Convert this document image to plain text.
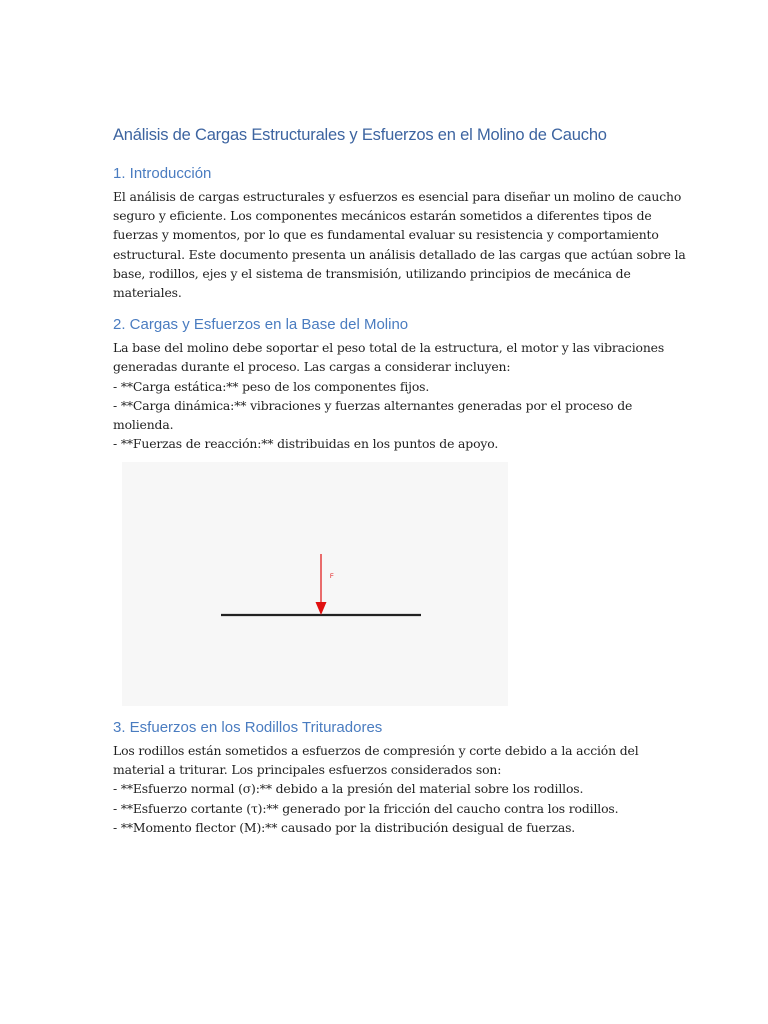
Análisis de Cargas Estructurales y Esfuerzos en el Molino de Caucho
1. Introducción

El análisis de cargas estructurales y esfuerzos es esencial para diseñar un molino de caucho
seguro y eficiente. Los componentes mecánicos estarán sometidos a diferentes tipos de
fuerzas y momentos, por lo que es fundamental evaluar su resistencia y comportamiento
estructural. Este documento presenta un análisis detallado de las cargas que actúan sobre la
base, rodillos, ejes y el sistema de transmisión, utilizando principios de mecánica de
materiales.

2. Cargas y Esfuerzos en la Base del Molino

La base del molino debe soportar el peso total de la estructura, el motor y las vibraciones
generadas durante el proceso. Las cargas a considerar incluyen:
- **Carga estática:** peso de los componentes fijos.
- **Carga dinámica:** vibraciones y fuerzas alternantes generadas por el proceso de
molienda.
- **Fuerzas de reacción:** distribuidas en los puntos de apoyo.

F
3. Esfuerzos en los Rodillos Trituradores

Los rodillos están sometidos a esfuerzos de compresión y corte debido a la acción del
material a triturar. Los principales esfuerzos considerados son:
- **Esfuerzo normal (σ):** debido a la presión del material sobre los rodillos.
- **Esfuerzo cortante (τ):** generado por la fricción del caucho contra los rodillos.
- **Momento flector (M):** causado por la distribución desigual de fuerzas.
